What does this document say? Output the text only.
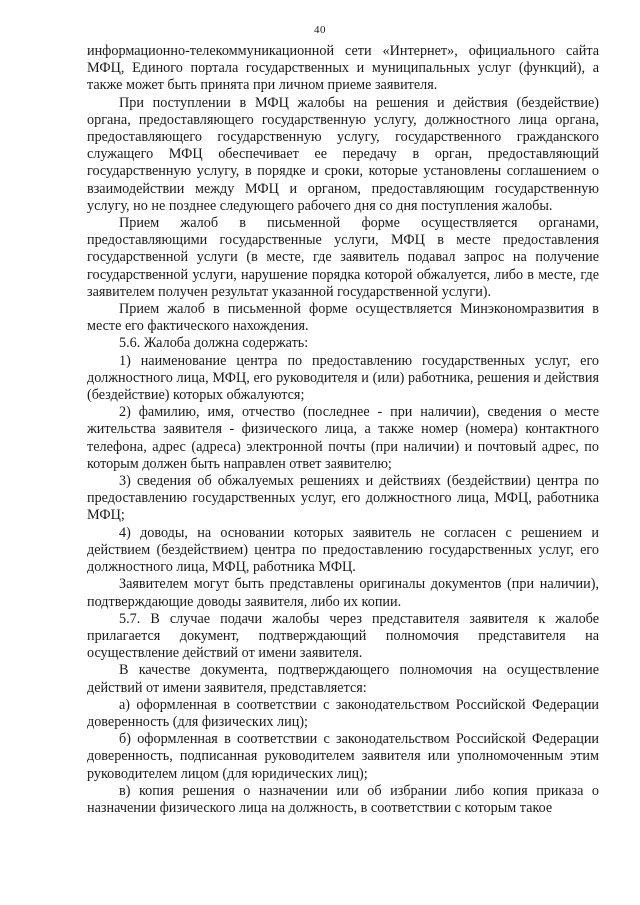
40

информационно-телекоммуникационной сети «Интернет», официального сайта МФЦ, Единого портала государственных и муниципальных услуг (функций), а также может быть принята при личном приеме заявителя.

При поступлении в МФЦ жалобы на решения и действия (бездействие) органа, предоставляющего государственную услугу, должностного лица органа, предоставляющего государственную услугу, государственного гражданского служащего МФЦ обеспечивает ее передачу в орган, предоставляющий государственную услугу, в порядке и сроки, которые установлены соглашением о взаимодействии между МФЦ и органом, предоставляющим государственную услугу, но не позднее следующего рабочего дня со дня поступления жалобы.

Прием жалоб в письменной форме осуществляется органами, предоставляющими государственные услуги, МФЦ в месте предоставления государственной услуги (в месте, где заявитель подавал запрос на получение государственной услуги, нарушение порядка которой обжалуется, либо в месте, где заявителем получен результат указанной государственной услуги).

Прием жалоб в письменной форме осуществляется Минэкономразвития в месте его фактического нахождения.

5.6. Жалоба должна содержать:

1) наименование центра по предоставлению государственных услуг, его должностного лица, МФЦ, его руководителя и (или) работника, решения и действия (бездействие) которых обжалуются;

2) фамилию, имя, отчество (последнее - при наличии), сведения о месте жительства заявителя - физического лица, а также номер (номера) контактного телефона, адрес (адреса) электронной почты (при наличии) и почтовый адрес, по которым должен быть направлен ответ заявителю;

3) сведения об обжалуемых решениях и действиях (бездействии) центра по предоставлению государственных услуг, его должностного лица, МФЦ, работника МФЦ;

4) доводы, на основании которых заявитель не согласен с решением и действием (бездействием) центра по предоставлению государственных услуг, его должностного лица, МФЦ, работника МФЦ.

Заявителем могут быть представлены оригиналы документов (при наличии), подтверждающие доводы заявителя, либо их копии.

5.7. В случае подачи жалобы через представителя заявителя к жалобе прилагается документ, подтверждающий полномочия представителя на осуществление действий от имени заявителя.

В качестве документа, подтверждающего полномочия на осуществление действий от имени заявителя, представляется:

а) оформленная в соответствии с законодательством Российской Федерации доверенность (для физических лиц);

б) оформленная в соответствии с законодательством Российской Федерации доверенность, подписанная руководителем заявителя или уполномоченным этим руководителем лицом (для юридических лиц);

в) копия решения о назначении или об избрании либо копия приказа о назначении физического лица на должность, в соответствии с которым такое
